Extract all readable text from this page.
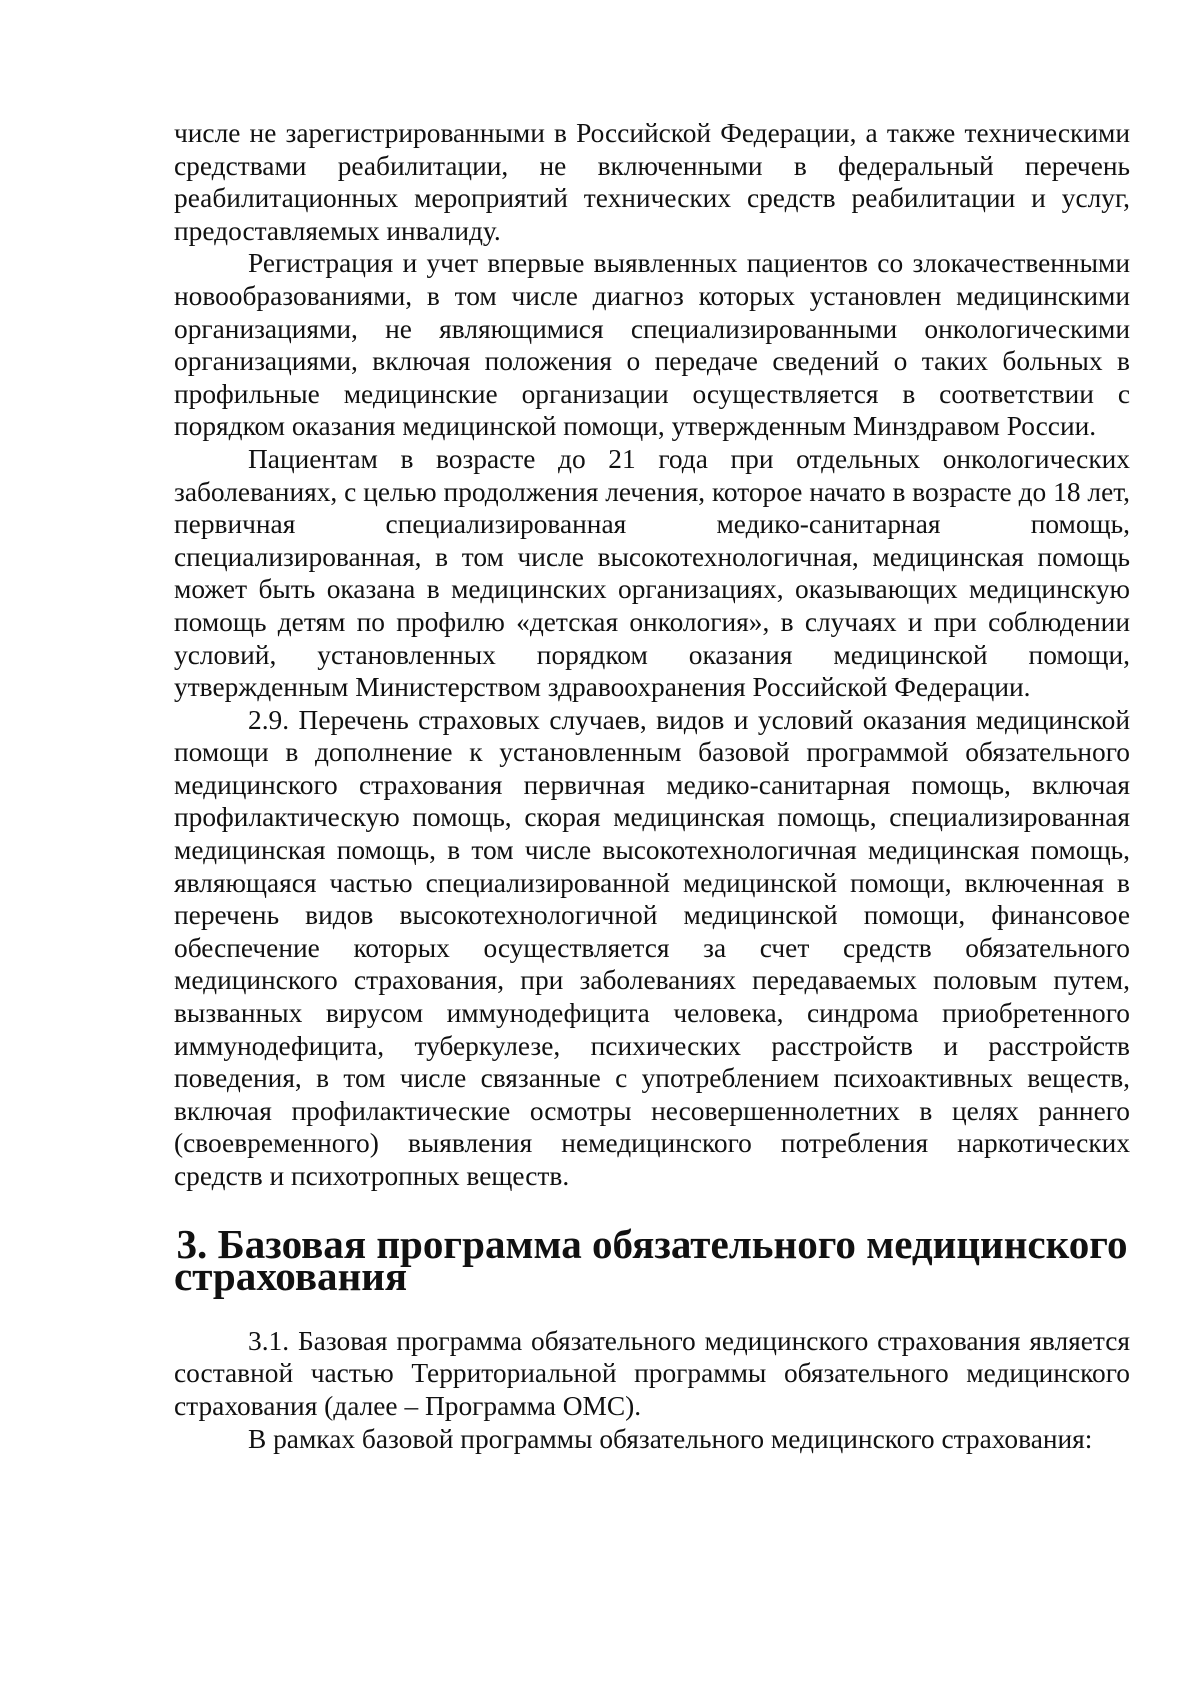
числе не зарегистрированными в Российской Федерации, а также техническими средствами реабилитации, не включенными в федеральный перечень реабилитационных мероприятий технических средств реабилитации и услуг, предоставляемых инвалиду.

Регистрация и учет впервые выявленных пациентов со злокачественными новообразованиями, в том числе диагноз которых установлен медицинскими организациями, не являющимися специализированными онкологическими организациями, включая положения о передаче сведений о таких больных в профильные медицинские организации осуществляется в соответствии с порядком оказания медицинской помощи, утвержденным Минздравом России.

Пациентам в возрасте до 21 года при отдельных онкологических заболеваниях, с целью продолжения лечения, которое начато в возрасте до 18 лет, первичная специализированная медико-санитарная помощь, специализированная, в том числе высокотехнологичная, медицинская помощь может быть оказана в медицинских организациях, оказывающих медицинскую помощь детям по профилю «детская онкология», в случаях и при соблюдении условий, установленных порядком оказания медицинской помощи, утвержденным Министерством здравоохранения Российской Федерации.

2.9. Перечень страховых случаев, видов и условий оказания медицинской помощи в дополнение к установленным базовой программой обязательного медицинского страхования первичная медико-санитарная помощь, включая профилактическую помощь, скорая медицинская помощь, специализированная медицинская помощь, в том числе высокотехнологичная медицинская помощь, являющаяся частью специализированной медицинской помощи, включенная в перечень видов высокотехнологичной медицинской помощи, финансовое обеспечение которых осуществляется за счет средств обязательного медицинского страхования, при заболеваниях передаваемых половым путем, вызванных вирусом иммунодефицита человека, синдрома приобретенного иммунодефицита, туберкулезе, психических расстройств и расстройств поведения, в том числе связанные с употреблением психоактивных веществ, включая профилактические осмотры несовершеннолетних в целях раннего (своевременного) выявления немедицинского потребления наркотических средств и психотропных веществ.

3. Базовая программа обязательного медицинского страхования

3.1. Базовая программа обязательного медицинского страхования является составной частью Территориальной программы обязательного медицинского страхования (далее – Программа ОМС).

В рамках базовой программы обязательного медицинского страхования:
